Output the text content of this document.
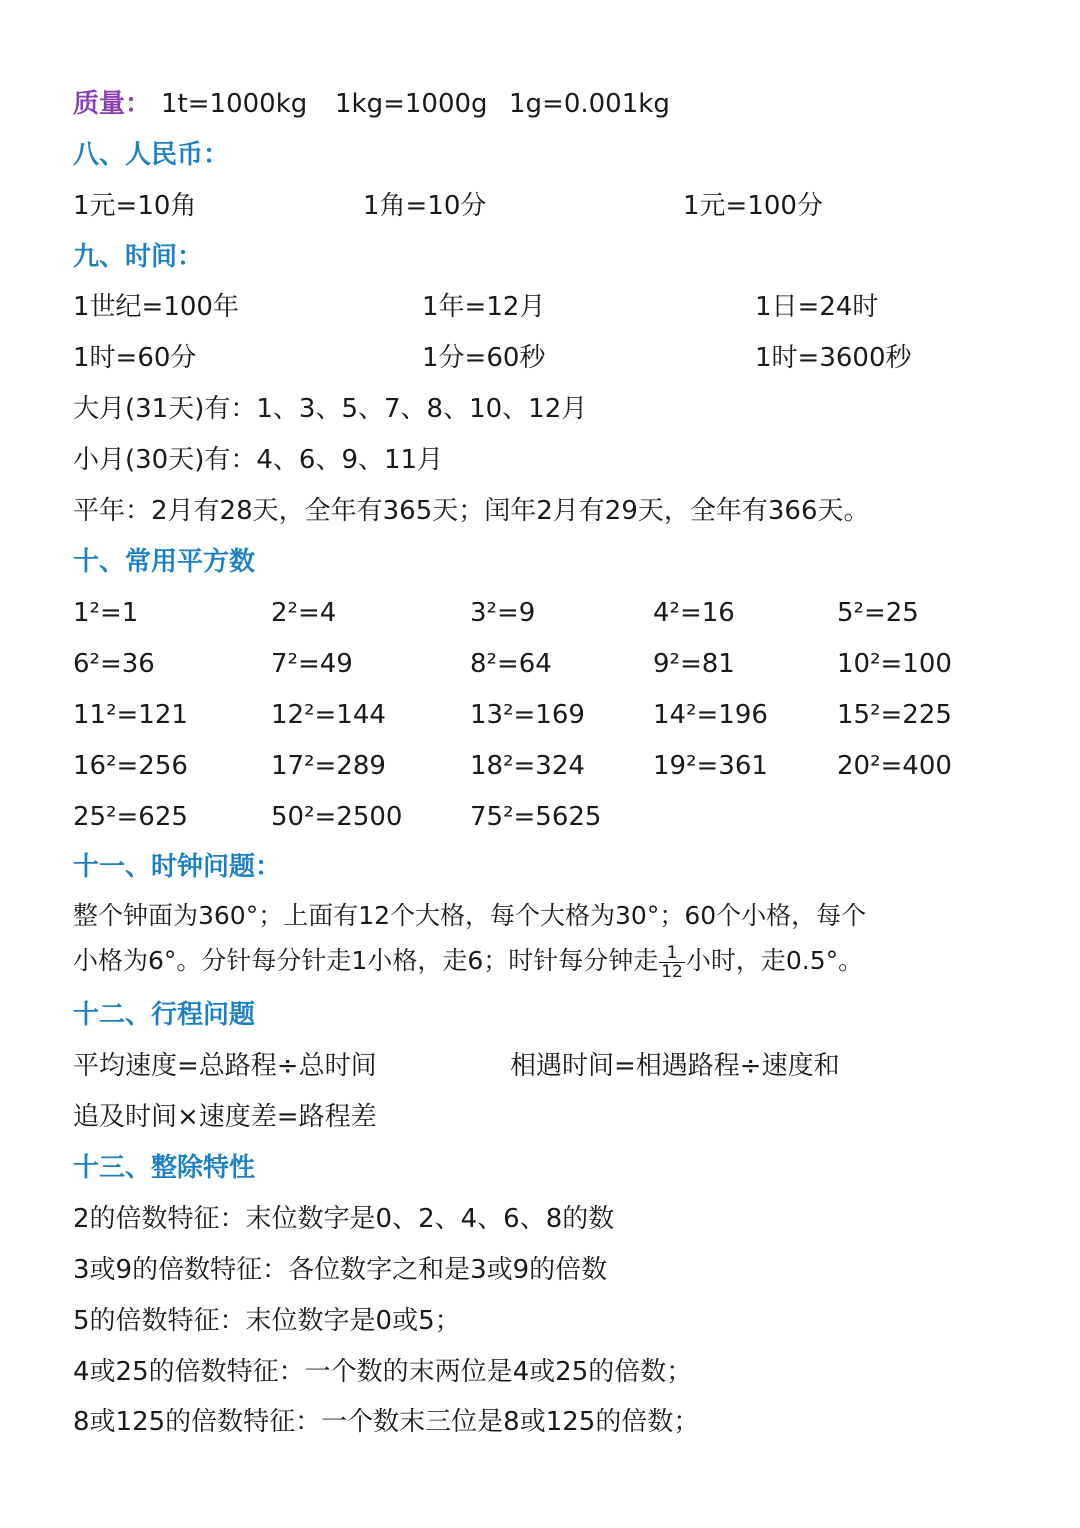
质量： 1t=1000kg 1kg=1000g 1g=0.001kg
八、人民币：
1元=10角	1角=10分	1元=100分
九、时间：
1世纪=100年	1年=12月	1日=24时
1时=60分	1分=60秒	1时=3600秒
大月(31天)有：1、3、5、7、8、10、12月
小月(30天)有：4、6、9、11月
平年：2月有28天，全年有365天；闰年2月有29天，全年有366天。
十、常用平方数
1²=1	2²=4	3²=9	4²=16	5²=25
6²=36	7²=49	8²=64	9²=81	10²=100
11²=121	12²=144	13²=169	14²=196	15²=225
16²=256	17²=289	18²=324	19²=361	20²=400
25²=625	50²=2500	75²=5625
十一、时钟问题：
整个钟面为360°；上面有12个大格，每个大格为30°；60个小格，每个
小格为6°。分针每分针走1小格，走6；时针每分钟走 $\frac{1}{12}$ 小时，走0.5°。
十二、行程问题
平均速度=总路程÷总时间	相遇时间=相遇路程÷速度和
追及时间×速度差=路程差
十三、整除特性
2的倍数特征：末位数字是0、2、4、6、8的数
3或9的倍数特征：各位数字之和是3或9的倍数
5的倍数特征：末位数字是0或5；
4或25的倍数特征：一个数的末两位是4或25的倍数；
8或125的倍数特征：一个数末三位是8或125的倍数；
